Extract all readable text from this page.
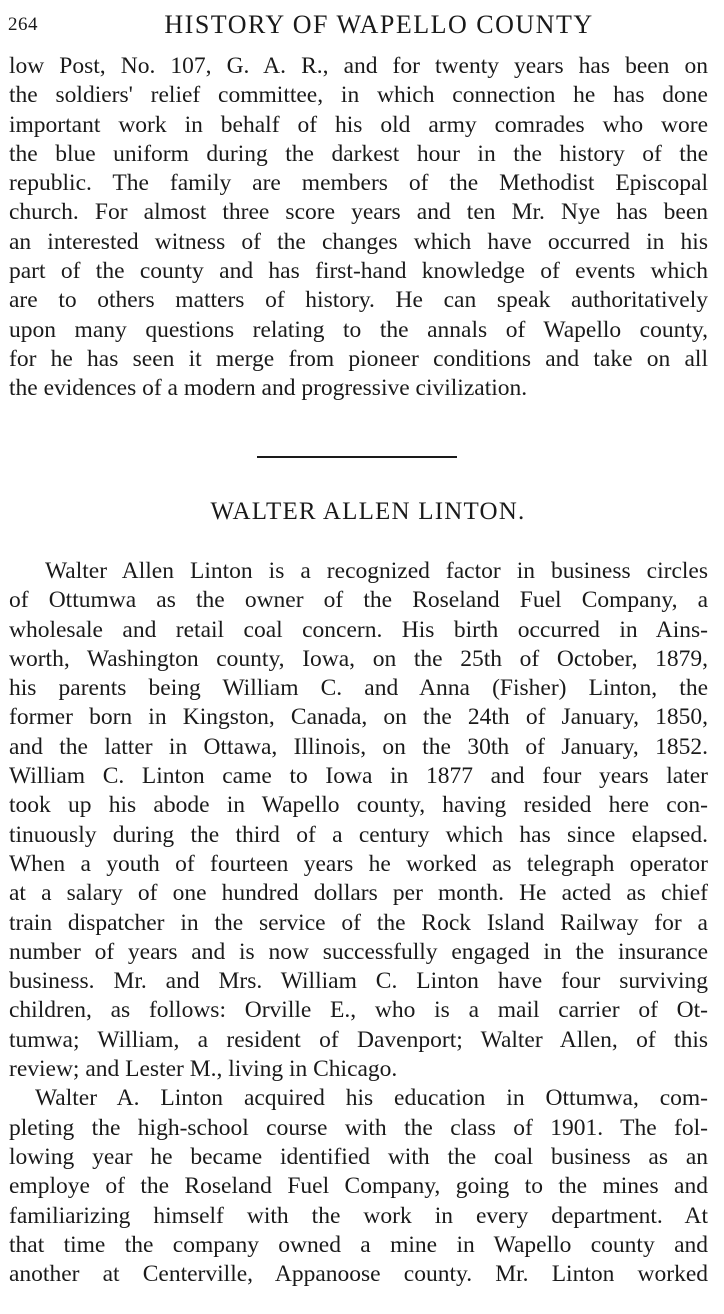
264	HISTORY OF WAPELLO COUNTY
low Post, No. 107, G. A. R., and for twenty years has been on
the soldiers' relief committee, in which connection he has done
important work in behalf of his old army comrades who wore
the blue uniform during the darkest hour in the history of the
republic. The family are members of the Methodist Episcopal
church. For almost three score years and ten Mr. Nye has been
an interested witness of the changes which have occurred in his
part of the county and has first-hand knowledge of events which
are to others matters of history. He can speak authoritatively
upon many questions relating to the annals of Wapello county,
for he has seen it merge from pioneer conditions and take on all
the evidences of a modern and progressive civilization.
WALTER ALLEN LINTON.
Walter Allen Linton is a recognized factor in business circles
of Ottumwa as the owner of the Roseland Fuel Company, a
wholesale and retail coal concern. His birth occurred in Ains-
worth, Washington county, Iowa, on the 25th of October, 1879,
his parents being William C. and Anna (Fisher) Linton, the
former born in Kingston, Canada, on the 24th of January, 1850,
and the latter in Ottawa, Illinois, on the 30th of January, 1852.
William C. Linton came to Iowa in 1877 and four years later
took up his abode in Wapello county, having resided here con-
tinuously during the third of a century which has since elapsed.
When a youth of fourteen years he worked as telegraph operator
at a salary of one hundred dollars per month. He acted as chief
train dispatcher in the service of the Rock Island Railway for a
number of years and is now successfully engaged in the insurance
business. Mr. and Mrs. William C. Linton have four surviving
children, as follows: Orville E., who is a mail carrier of Ot-
tumwa; William, a resident of Davenport; Walter Allen, of this
review; and Lester M., living in Chicago.
Walter A. Linton acquired his education in Ottumwa, com-
pleting the high-school course with the class of 1901. The fol-
lowing year he became identified with the coal business as an
employe of the Roseland Fuel Company, going to the mines and
familiarizing himself with the work in every department. At
that time the company owned a mine in Wapello county and
another at Centerville, Appanoose county. Mr. Linton worked
